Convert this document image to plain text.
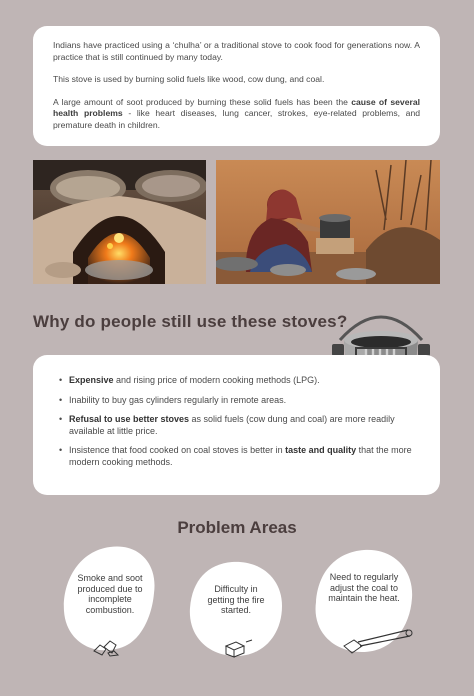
Indians have practiced using a ‘chulha’ or a traditional stove to cook food for generations now. A practice that is still continued by many today.

This stove is used by burning solid fuels like wood, cow dung, and coal.

A large amount of soot produced by burning these solid fuels has been the cause of several health problems - like heart diseases, lung cancer, strokes, eye-related problems, and premature death in children.

Why do people still use these stoves?
• Expensive and rising price of modern cooking methods (LPG).
• Inability to buy gas cylinders regularly in remote areas.
• Refusal to use better stoves as solid fuels (cow dung and coal) are more readily available at little price.
• Insistence that food cooked on coal stoves is better in taste and quality that the more modern cooking methods.
Problem Areas
Smoke and soot produced due to incomplete combustion.
Difficulty in getting the fire started.
Need to regularly adjust the coal to maintain the heat.
